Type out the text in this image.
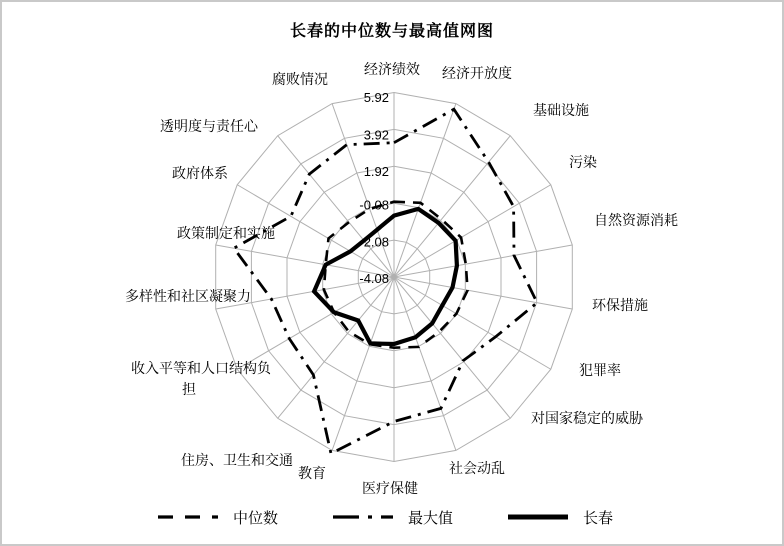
长春的中位数与最高值网图
5.92
3.92
1.92
-0.08
-2.08
-4.08
经济绩效 经济开放度
基础设施
污染
自然资源消耗
环保措施
犯罪率
对国家稳定的威胁
社会动乱
医疗保健
教育
住房、卫生和交通
收入平等和人口结构负
担
多样性和社区凝聚力
政策制定和实施
政府体系
透明度与责任心
腐败情况
中位数	最大值	长春
